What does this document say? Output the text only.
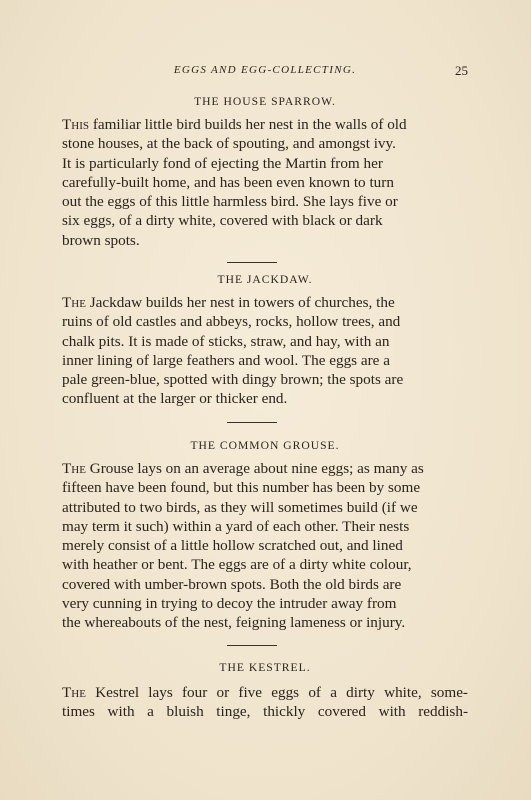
EGGS AND EGG-COLLECTING.	25
THE HOUSE SPARROW.
This familiar little bird builds her nest in the walls of old
stone houses, at the back of spouting, and amongst ivy.
It is particularly fond of ejecting the Martin from her
carefully-built home, and has been even known to turn
out the eggs of this little harmless bird. She lays five or
six eggs, of a dirty white, covered with black or dark
brown spots.
THE JACKDAW.
The Jackdaw builds her nest in towers of churches, the
ruins of old castles and abbeys, rocks, hollow trees, and
chalk pits. It is made of sticks, straw, and hay, with an
inner lining of large feathers and wool. The eggs are a
pale green-blue, spotted with dingy brown; the spots are
confluent at the larger or thicker end.
THE COMMON GROUSE.
The Grouse lays on an average about nine eggs; as many as
fifteen have been found, but this number has been by some
attributed to two birds, as they will sometimes build (if we
may term it such) within a yard of each other. Their nests
merely consist of a little hollow scratched out, and lined
with heather or bent. The eggs are of a dirty white colour,
covered with umber-brown spots. Both the old birds are
very cunning in trying to decoy the intruder away from
the whereabouts of the nest, feigning lameness or injury.
THE KESTREL.
The Kestrel lays four or five eggs of a dirty white, some-
times with a bluish tinge, thickly covered with reddish-
